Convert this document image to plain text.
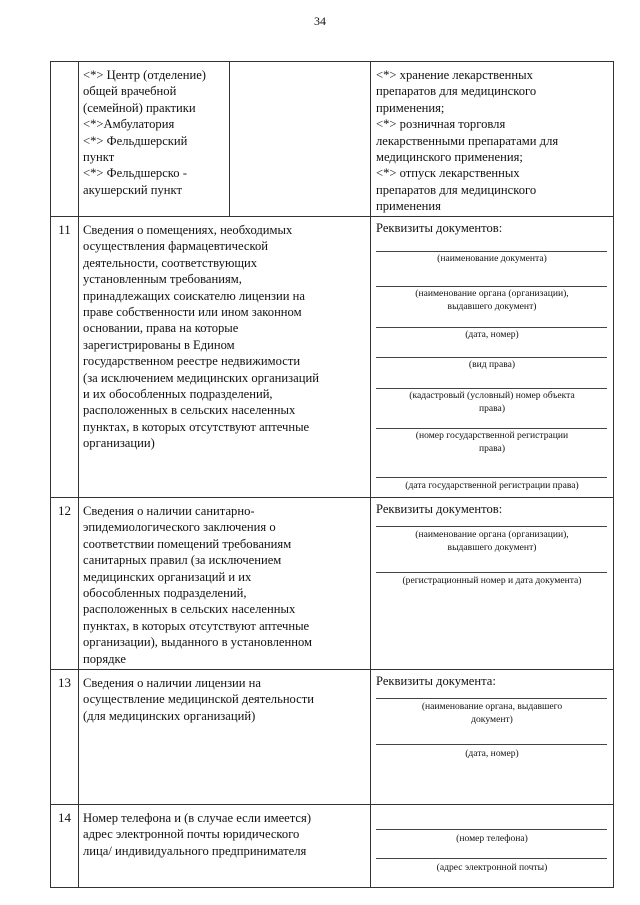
34
<*> Центр (отделение)
общей врачебной
(семейной) практики
<*>Амбулатория
<*> Фельдшерский
пункт
<*> Фельдшерско -
акушерский пункт
<*> хранение лекарственных
препаратов для медицинского
применения;
<*> розничная торговля
лекарственными препаратами для
медицинского применения;
<*> отпуск лекарственных
препаратов для медицинского
применения
11 Сведения о помещениях, необходимых
осуществления фармацевтической
деятельности, соответствующих
установленным требованиям,
принадлежащих соискателю лицензии на
праве собственности или ином законном
основании, права на которые
зарегистрированы в Едином
государственном реестре недвижимости
(за исключением медицинских организаций
и их обособленных подразделений,
расположенных в сельских населенных
пунктах, в которых отсутствуют аптечные
организации)
Реквизиты документов:
(наименование документа)
(наименование органа (организации),
выдавшего документ)
(дата, номер)
(вид права)
(кадастровый (условный) номер объекта
права)
(номер государственной регистрации
права)
(дата государственной регистрации права)
12 Сведения о наличии санитарно-
эпидемиологического заключения о
соответствии помещений требованиям
санитарных правил (за исключением
медицинских организаций и их
обособленных подразделений,
расположенных в сельских населенных
пунктах, в которых отсутствуют аптечные
организации), выданного в установленном
порядке
Реквизиты документов:
(наименование органа (организации),
выдавшего документ)
(регистрационный номер и дата документа)
13 Сведения о наличии лицензии на
осуществление медицинской деятельности
(для медицинских организаций)
Реквизиты документа:
(наименование органа, выдавшего
документ)
(дата, номер)
14 Номер телефона и (в случае если имеется)
адрес электронной почты юридического
лица/ индивидуального предпринимателя
(номер телефона)
(адрес электронной почты)
